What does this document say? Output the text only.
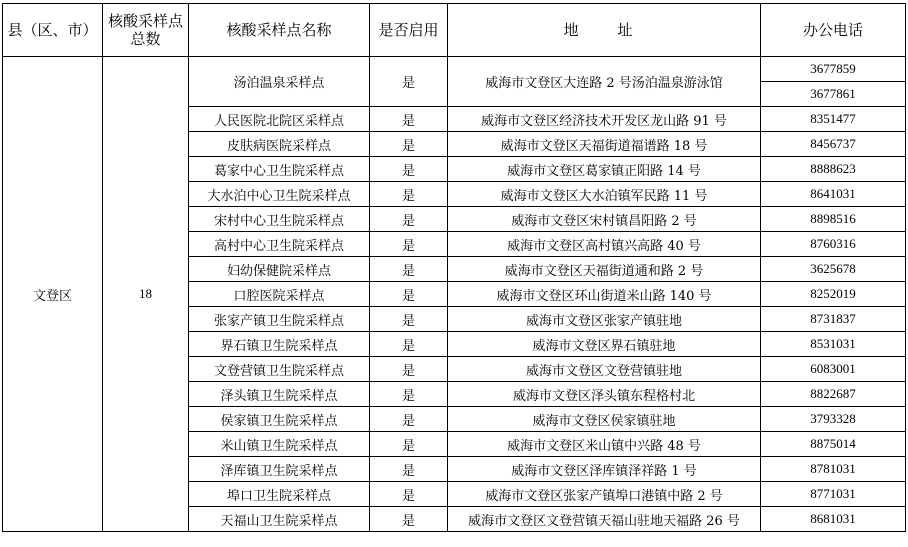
县（区、市）	核酸采样点总数	核酸采样点名称	是否启用	地　址	办公电话
文登区	18	汤泊温泉采样点	是	威海市文登区大连路 2 号汤泊温泉游泳馆	3677859
					3677861
		人民医院北院区采样点	是	威海市文登区经济技术开发区龙山路 91 号	8351477
		皮肤病医院采样点	是	威海市文登区天福街道福谱路 18 号	8456737
		葛家中心卫生院采样点	是	威海市文登区葛家镇正阳路 14 号	8888623
		大水泊中心卫生院采样点	是	威海市文登区大水泊镇军民路 11 号	8641031
		宋村中心卫生院采样点	是	威海市文登区宋村镇昌阳路 2 号	8898516
		高村中心卫生院采样点	是	威海市文登区高村镇兴高路 40 号	8760316
		妇幼保健院采样点	是	威海市文登区天福街道通和路 2 号	3625678
		口腔医院采样点	是	威海市文登区环山街道米山路 140 号	8252019
		张家产镇卫生院采样点	是	威海市文登区张家产镇驻地	8731837
		界石镇卫生院采样点	是	威海市文登区界石镇驻地	8531031
		文登营镇卫生院采样点	是	威海市文登区文登营镇驻地	6083001
		泽头镇卫生院采样点	是	威海市文登区泽头镇东程格村北	8822687
		侯家镇卫生院采样点	是	威海市文登区侯家镇驻地	3793328
		米山镇卫生院采样点	是	威海市文登区米山镇中兴路 48 号	8875014
		泽库镇卫生院采样点	是	威海市文登区泽库镇泽祥路 1 号	8781031
		埠口卫生院采样点	是	威海市文登区张家产镇埠口港镇中路 2 号	8771031
		天福山卫生院采样点	是	威海市文登区文登营镇天福山驻地天福路 26 号	8681031
